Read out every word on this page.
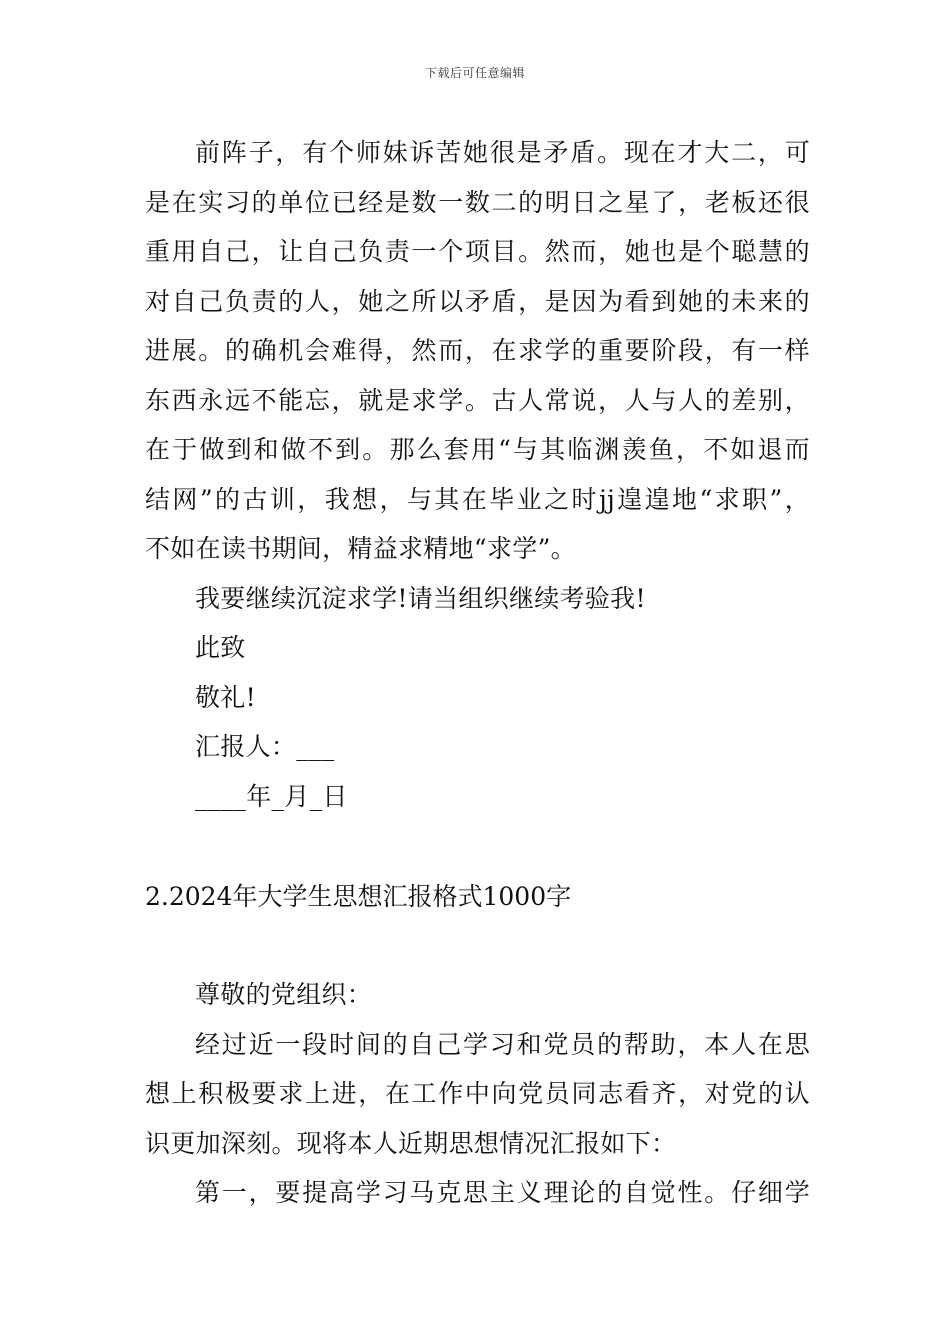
下载后可任意编辑
前阵子，有个师妹诉苦她很是矛盾。现在才大二，可
是在实习的单位已经是数一数二的明日之星了，老板还很
重用自己，让自己负责一个项目。然而，她也是个聪慧的
对自己负责的人，她之所以矛盾，是因为看到她的未来的
进展。的确机会难得，然而，在求学的重要阶段，有一样
东西永远不能忘，就是求学。古人常说，人与人的差别，
在于做到和做不到。那么套用“与其临渊羡鱼，不如退而
结网”的古训，我想，与其在毕业之时jj遑遑地“求职”，
不如在读书期间，精益求精地“求学”。
我要继续沉淀求学!请当组织继续考验我!
此致
敬礼!
汇报人：___
____年_月_日
2.2024年大学生思想汇报格式1000字
尊敬的党组织：
经过近一段时间的自己学习和党员的帮助，本人在思
想上积极要求上进，在工作中向党员同志看齐，对党的认
识更加深刻。现将本人近期思想情况汇报如下：
第一，要提高学习马克思主义理论的自觉性。仔细学
